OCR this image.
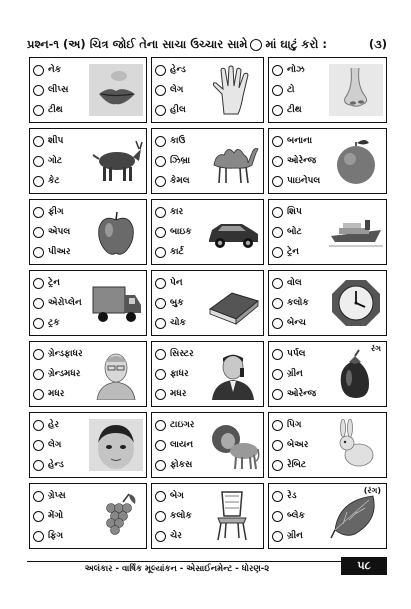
પ્રશ્ન-૧ (અ) ચિત્ર જોઈ તેના સાચા ઉચ્ચાર સામે માં ઘાટું કરો :	(૩)
નેક
લીપ્સ
ટીથ
હેન્ડ
લેગ
હીલ
નોઝ
ટો
ટીથ
શીપ
ગોટ
કેટ
કાઉ
ઝિબ્રા
કેમલ
બનાના
ઓરેન્જ
પાઇનેપલ
ફીગ
એપલ
પીઅર
કાર
બાઇક
કાર્ટ
શિપ
બોટ
ટ્રેન
ટ્રેન
એરોપ્લેન
ટ્રક
પેન
બુક
ચોક
વોલ
કલોક
બેન્ચ
ગ્રેન્ડફાધર
ગ્રેન્ડમધર
મધર
સિસ્ટર
ફાધર
મધર
પર્પલ
ગ્રીન
ઓરેન્જ
રંગ
હેર
લેગ
હેન્ડ
ટાઇગર
લાયન
ફોકસ
પિગ
બેઅર
રેબિટ
ગ્રેપ્સ
મેંગો
ફિગ
બેગ
કલોક
ચેર
રેડ
બ્લેક
ગ્રીન
(રંગ)
અલંકાર - વાર્ષિક મૂલ્યાંકન - એસાઈનમેન્ટ - ધોરણ-૨	૫૮
